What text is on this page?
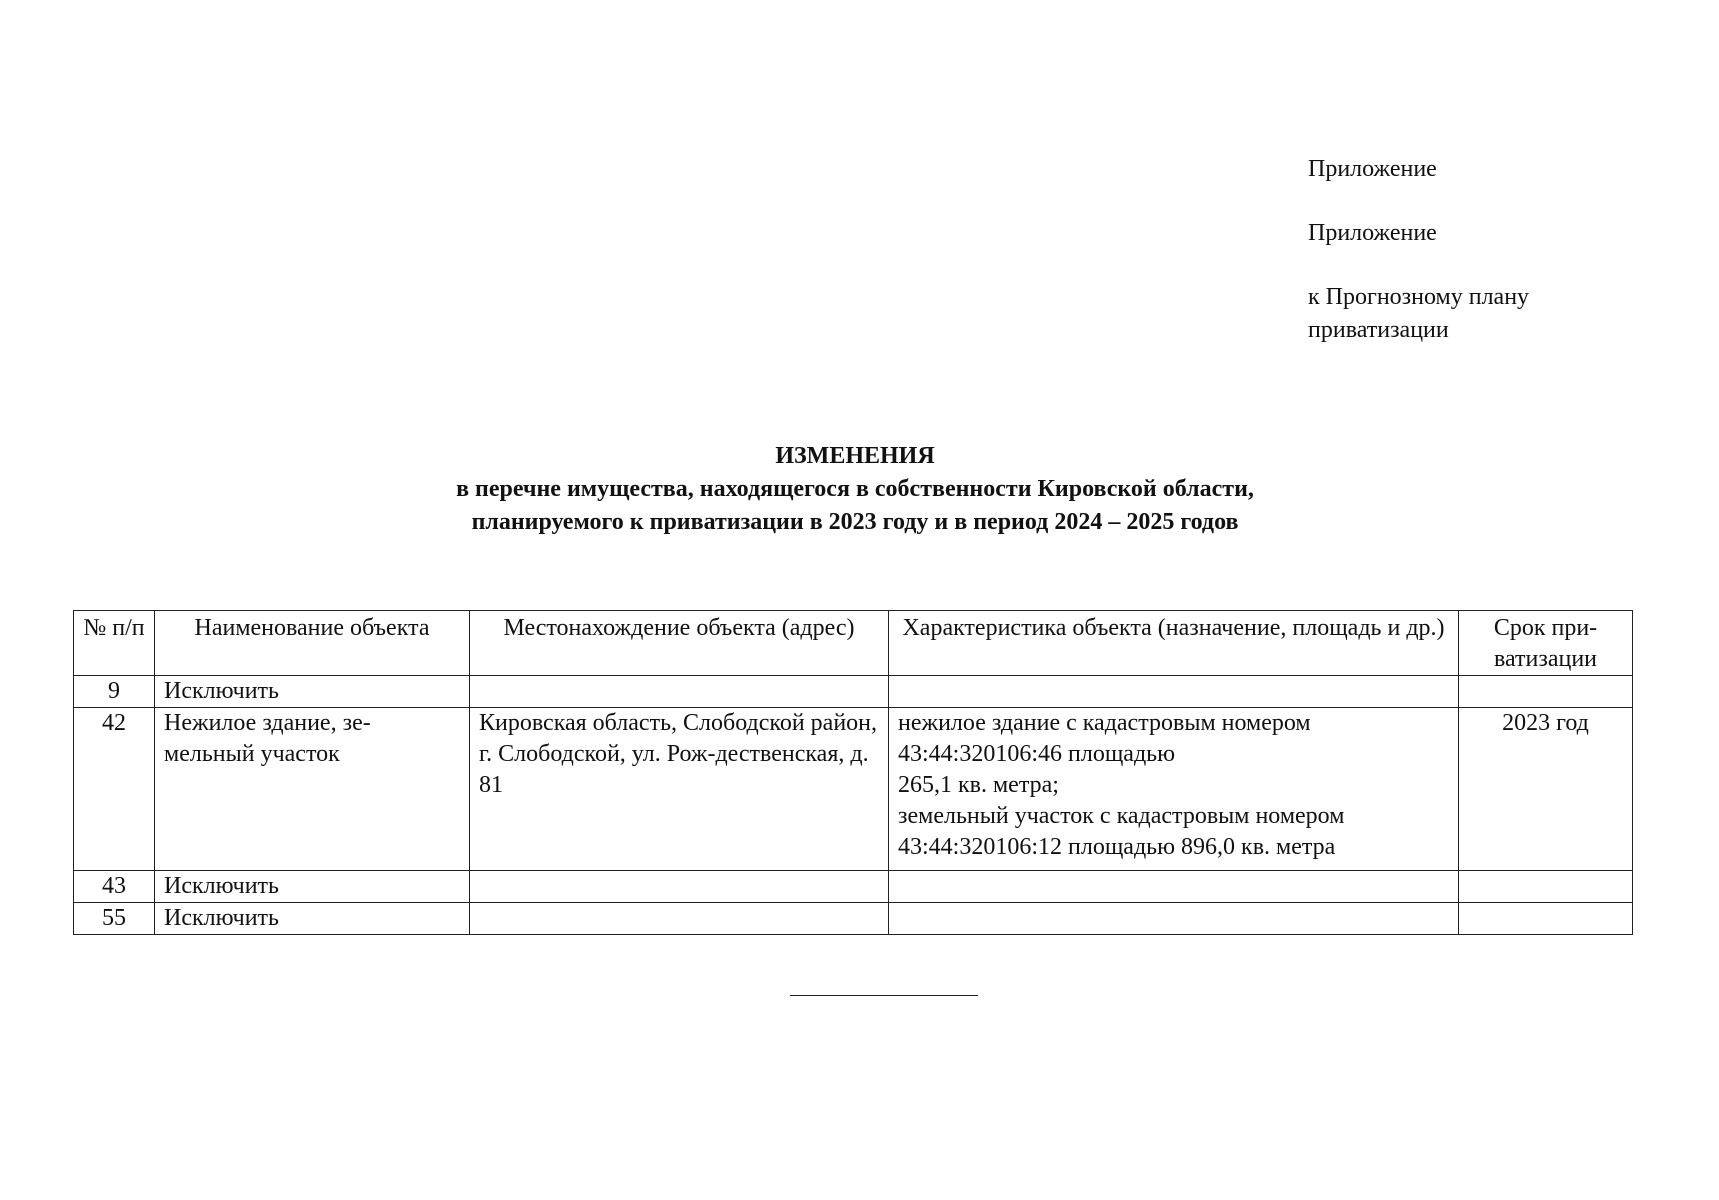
Приложение
Приложение
к Прогнозному плану приватизации
ИЗМЕНЕНИЯ
в перечне имущества, находящегося в собственности Кировской области,
планируемого к приватизации в 2023 году и в период 2024 – 2025 годов
№ п/п	Наименование объекта	Местонахождение объекта (адрес)	Характеристика объекта (назначение, площадь и др.)	Срок при-ватизации
9	Исключить			
42	Нежилое здание, зе-мельный участок	Кировская область, Слободской район, г. Слободской, ул. Рож-дественская, д. 81	нежилое здание с кадастровым номером
43:44:320106:46 площадью
265,1 кв. метра;
земельный участок с кадастровым номером
43:44:320106:12 площадью 896,0 кв. метра	2023 год
43	Исключить			
55	Исключить			
